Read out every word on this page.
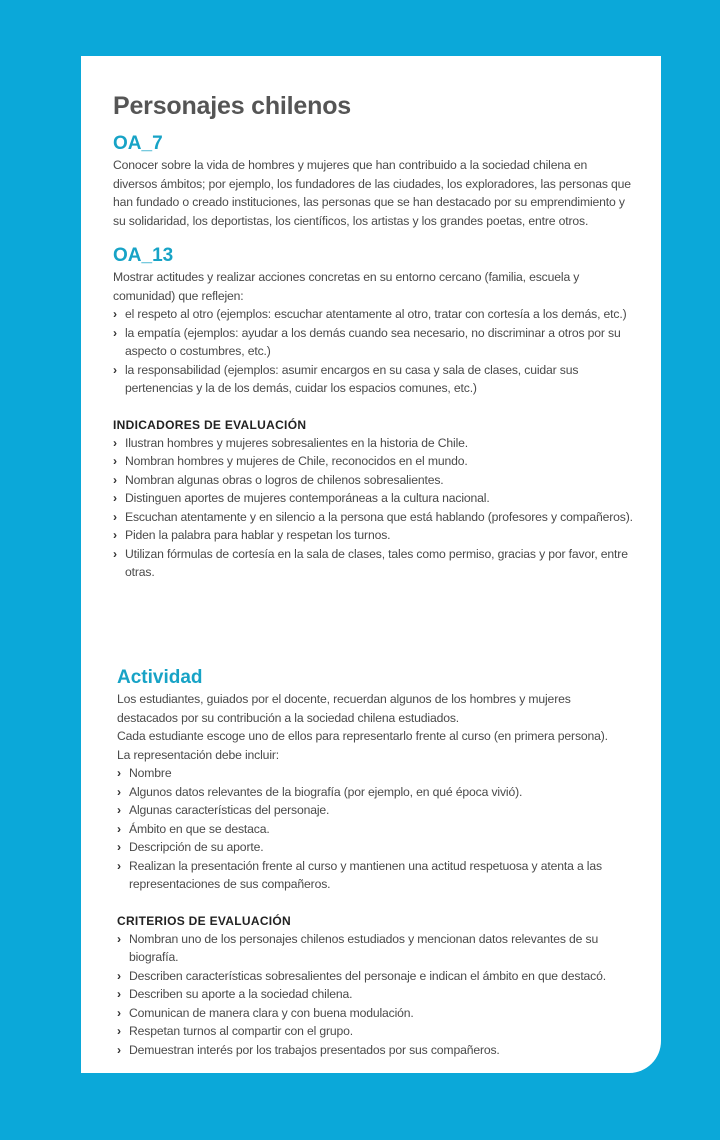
Personajes chilenos
OA_7

Conocer sobre la vida de hombres y mujeres que han contribuido a la sociedad chilena en diversos ámbitos; por ejemplo, los fundadores de las ciudades, los exploradores, las personas que han fundado o creado instituciones, las personas que se han destacado por su emprendimiento y su solidaridad, los deportistas, los científicos, los artistas y los grandes poetas, entre otros.

OA_13

Mostrar actitudes y realizar acciones concretas en su entorno cercano (familia, escuela y comunidad) que reflejen:

› el respeto al otro (ejemplos: escuchar atentamente al otro, tratar con cortesía a los demás, etc.)
› la empatía (ejemplos: ayudar a los demás cuando sea necesario, no discriminar a otros por su aspecto o costumbres, etc.)
› la responsabilidad (ejemplos: asumir encargos en su casa y sala de clases, cuidar sus pertenencias y la de los demás, cuidar los espacios comunes, etc.)
INDICADORES DE EVALUACIÓN
› Ilustran hombres y mujeres sobresalientes en la historia de Chile.
› Nombran hombres y mujeres de Chile, reconocidos en el mundo.
› Nombran algunas obras o logros de chilenos sobresalientes.
› Distinguen aportes de mujeres contemporáneas a la cultura nacional.
› Escuchan atentamente y en silencio a la persona que está hablando (profesores y compañeros).
› Piden la palabra para hablar y respetan los turnos.
› Utilizan fórmulas de cortesía en la sala de clases, tales como permiso, gracias y por favor, entre otras.
Actividad

Los estudiantes, guiados por el docente, recuerdan algunos de los hombres y mujeres destacados por su contribución a la sociedad chilena estudiados.

Cada estudiante escoge uno de ellos para representarlo frente al curso (en primera persona).

La representación debe incluir:

› Nombre
› Algunos datos relevantes de la biografía (por ejemplo, en qué época vivió).
› Algunas características del personaje.
› Ámbito en que se destaca.
› Descripción de su aporte.
› Realizan la presentación frente al curso y mantienen una actitud respetuosa y atenta a las representaciones de sus compañeros.
CRITERIOS DE EVALUACIÓN
› Nombran uno de los personajes chilenos estudiados y mencionan datos relevantes de su biografía.
› Describen características sobresalientes del personaje e indican el ámbito en que destacó.
› Describen su aporte a la sociedad chilena.
› Comunican de manera clara y con buena modulación.
› Respetan turnos al compartir con el grupo.
› Demuestran interés por los trabajos presentados por sus compañeros.
